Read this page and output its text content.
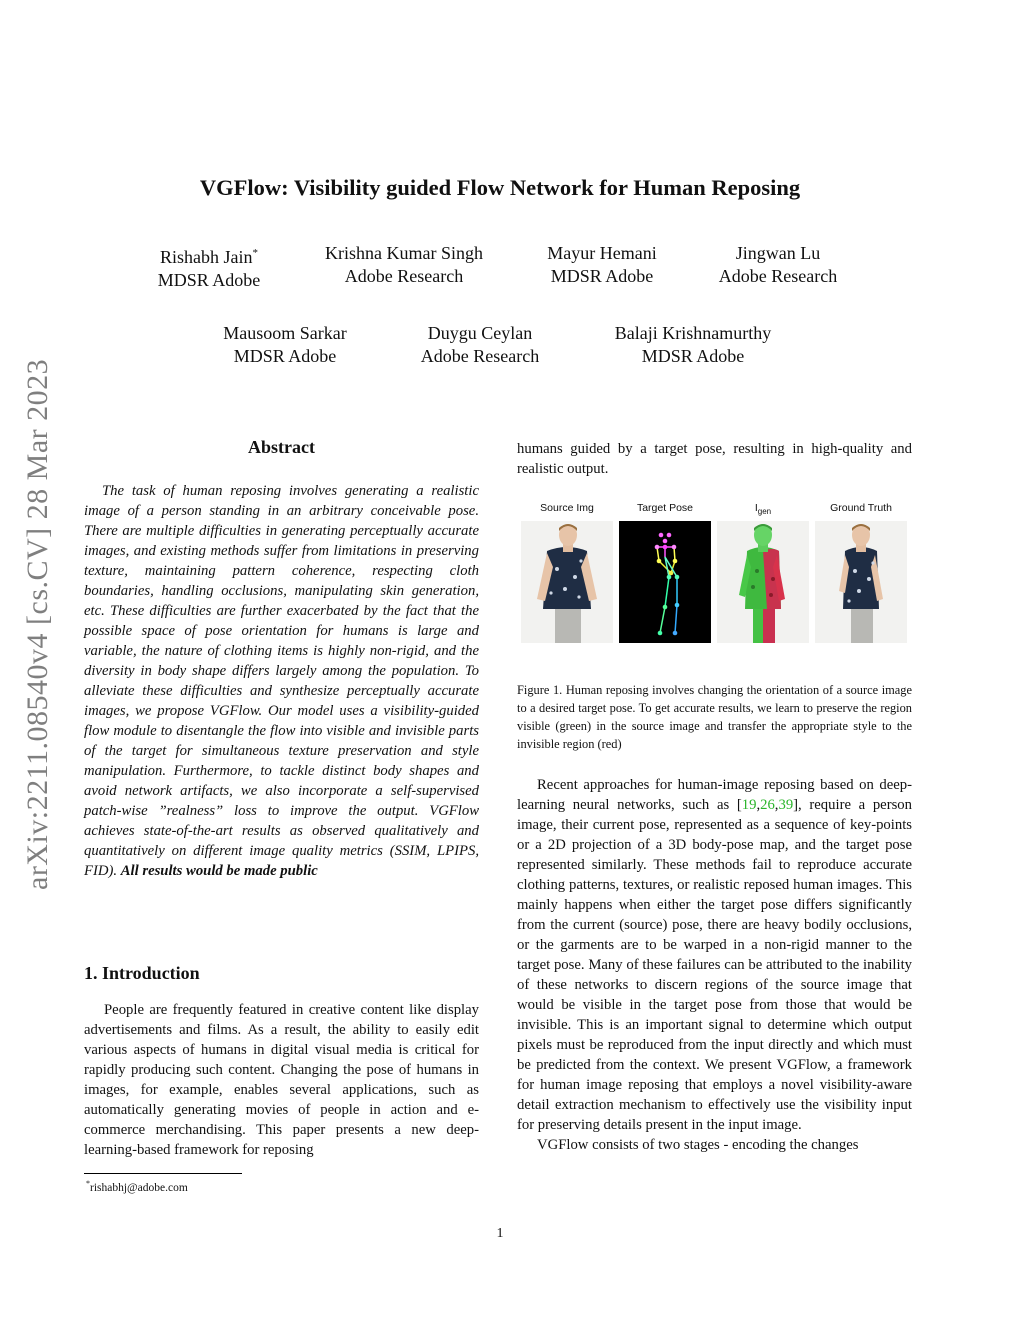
arXiv:2211.08540v4 [cs.CV] 28 Mar 2023
VGFlow: Visibility guided Flow Network for Human Reposing
Rishabh Jain*
MDSR Adobe
Krishna Kumar Singh
Adobe Research
Mayur Hemani
MDSR Adobe
Jingwan Lu
Adobe Research
Mausoom Sarkar
MDSR Adobe
Duygu Ceylan
Adobe Research
Balaji Krishnamurthy
MDSR Adobe
Abstract

The task of human reposing involves generating a realistic image of a person standing in an arbitrary conceivable pose. There are multiple difficulties in generating perceptually accurate images, and existing methods suffer from limitations in preserving texture, maintaining pattern coherence, respecting cloth boundaries, handling occlusions, manipulating skin generation, etc. These difficulties are further exacerbated by the fact that the possible space of pose orientation for humans is large and variable, the nature of clothing items is highly non-rigid, and the diversity in body shape differs largely among the population. To alleviate these difficulties and synthesize perceptually accurate images, we propose VGFlow. Our model uses a visibility-guided flow module to disentangle the flow into visible and invisible parts of the target for simultaneous texture preservation and style manipulation. Furthermore, to tackle distinct body shapes and avoid network artifacts, we also incorporate a self-supervised patch-wise ”realness” loss to improve the output. VGFlow achieves state-of-the-art results as observed qualitatively and quantitatively on different image quality metrics (SSIM, LPIPS, FID). All results would be made public

1. Introduction

People are frequently featured in creative content like display advertisements and films. As a result, the ability to easily edit various aspects of humans in digital visual media is critical for rapidly producing such content. Changing the pose of humans in images, for example, enables several applications, such as automatically generating movies of people in action and e-commerce merchandising. This paper presents a new deep-learning-based framework for reposing

humans guided by a target pose, resulting in high-quality and realistic output.

Source Img	Target Pose	$I_{gen}$	Ground Truth
Figure 1. Human reposing involves changing the orientation of a source image to a desired target pose. To get accurate results, we learn to preserve the region visible (green) in the source image and transfer the appropriate style to the invisible region (red)

Recent approaches for human-image reposing based on deep-learning neural networks, such as [19,26,39], require a person image, their current pose, represented as a sequence of key-points or a 2D projection of a 3D body-pose map, and the target pose represented similarly. These methods fail to reproduce accurate clothing patterns, textures, or realistic reposed human images. This mainly happens when either the target pose differs significantly from the current (source) pose, there are heavy bodily occlusions, or the garments are to be warped in a non-rigid manner to the target pose. Many of these failures can be attributed to the inability of these networks to discern regions of the source image that would be visible in the target pose from those that would be invisible. This is an important signal to determine which output pixels must be reproduced from the input directly and which must be predicted from the context. We present VGFlow, a framework for human image reposing that employs a novel visibility-aware detail extraction mechanism to effectively use the visibility input for preserving details present in the input image.

VGFlow consists of two stages - encoding the changes

*rishabhj@adobe.com
1
